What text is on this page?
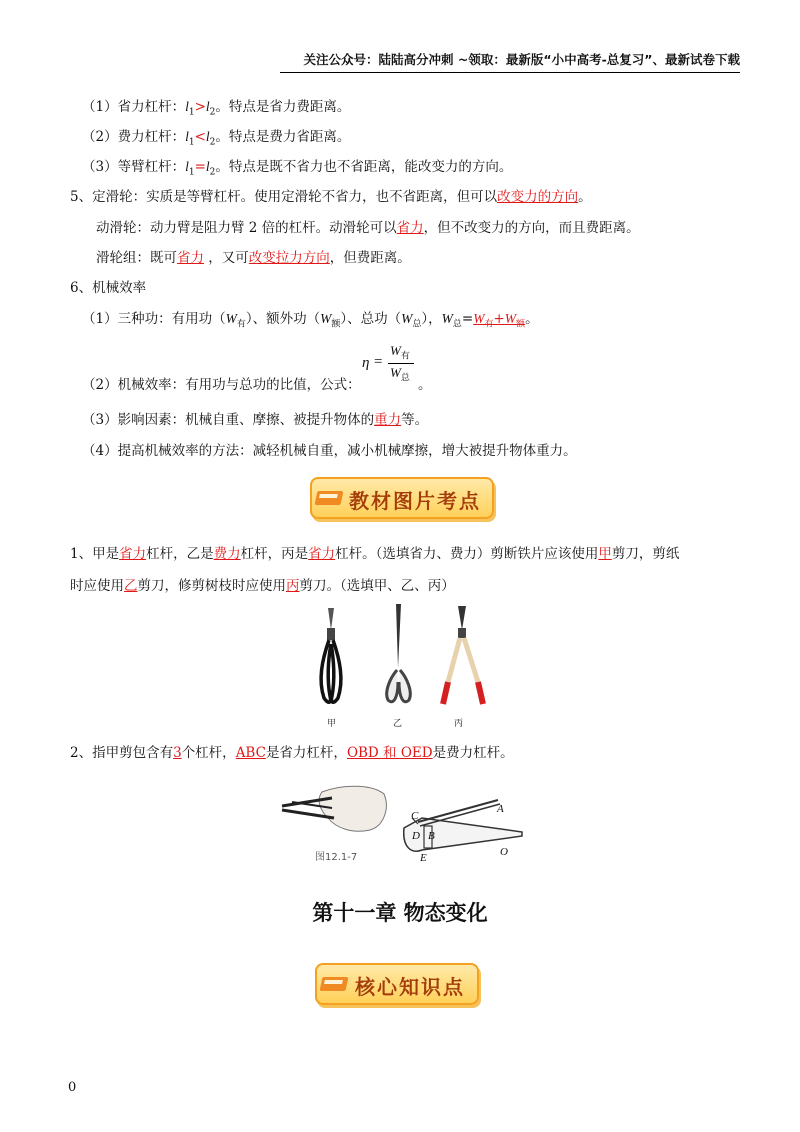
关注公众号：陆陆高分冲刺 ~领取：最新版“小中高考-总复习”、最新试卷下载
（1）省力杠杆：$l_1>l_2$。特点是省力费距离。
（2）费力杠杆：$l_1<l_2$。特点是费力省距离。
（3）等臂杠杆：$l_1=l_2$。特点是既不省力也不省距离，能改变力的方向。
5、定滑轮：实质是等臂杠杆。使用定滑轮不省力，也不省距离，但可以改变力的方向。
动滑轮：动力臂是阻力臂 2 倍的杠杆。动滑轮可以省力，但不改变力的方向，而且费距离。
滑轮组：既可省力 ，又可改变拉力方向，但费距离。
6、机械效率
（1）三种功：有用功$(W_有)$、额外功$(W_额)$、总功$(W_总)$，$W_总=W_有+W_额$。
η =
$W_有$
$W_总$
（2）机械效率：有用功与总功的比值，公式：	。
（3）影响因素：机械自重、摩擦、被提升物体的重力等。
（4）提高机械效率的方法：减轻机械自重，减小机械摩擦，增大被提升物体重力。
教材图片考点
1、甲是省力杠杆，乙是费力杠杆，丙是省力杠杆。（选填省力、费力）剪断铁片应该使用甲剪刀，剪纸
时应使用乙剪刀，修剪树枝时应使用丙剪刀。（选填甲、乙、丙）
甲	乙	丙
2、指甲剪包含有3个杠杆，ABC是省力杠杆，OBD 和 OED是费力杠杆。
C
A
D B
E	O
图12.1-7
第十一章 物态变化
核心知识点
0
